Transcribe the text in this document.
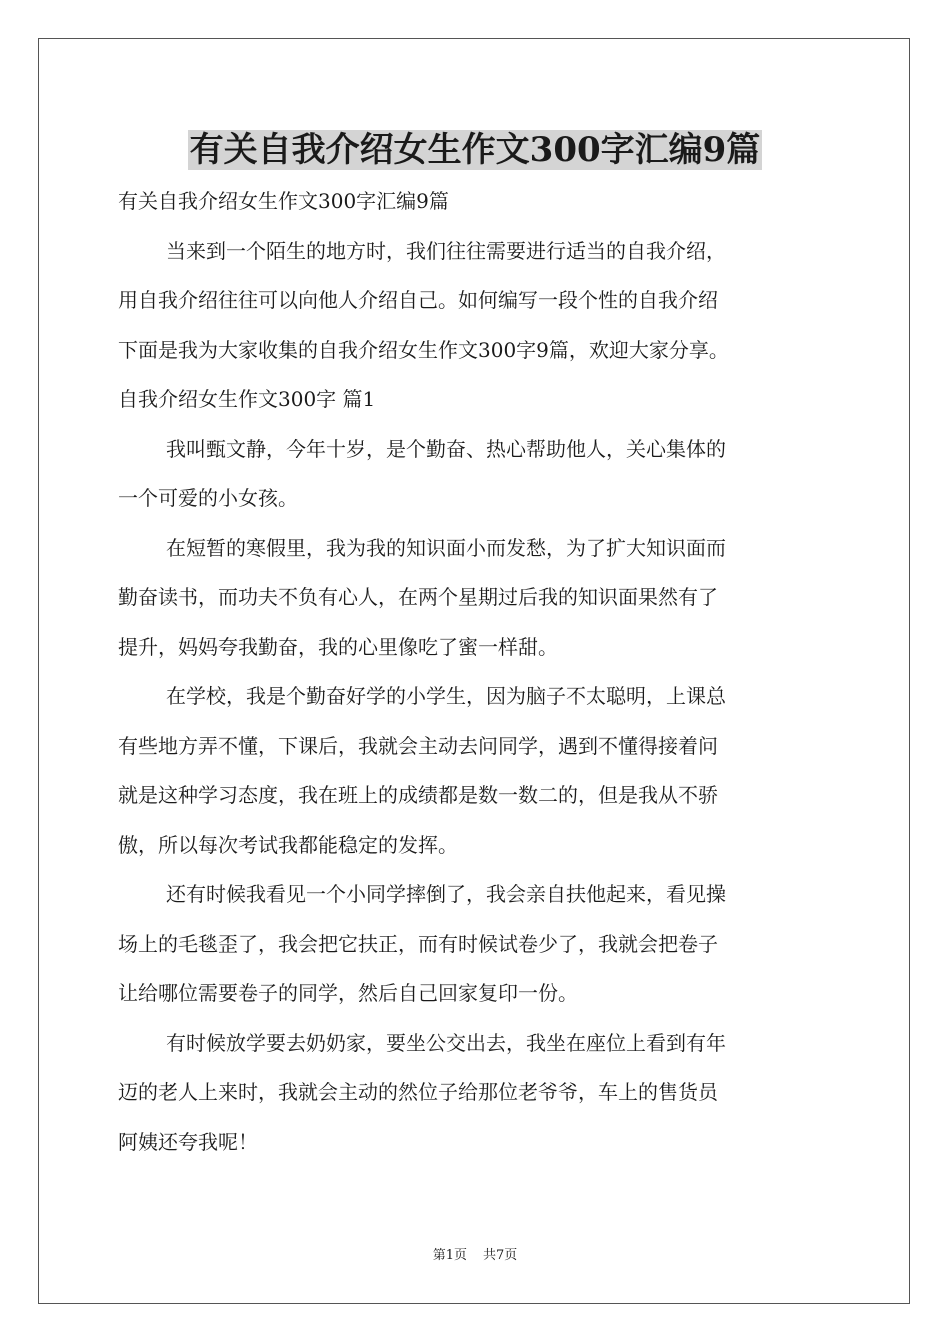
有关自我介绍女生作文300字汇编9篇

有关自我介绍女生作文300字汇编9篇

当来到一个陌生的地方时，我们往往需要进行适当的自我介绍，

用自我介绍往往可以向他人介绍自己。如何编写一段个性的自我介绍

下面是我为大家收集的自我介绍女生作文300字9篇，欢迎大家分享。

自我介绍女生作文300字 篇1

我叫甄文静，今年十岁，是个勤奋、热心帮助他人，关心集体的

一个可爱的小女孩。

在短暂的寒假里，我为我的知识面小而发愁，为了扩大知识面而

勤奋读书，而功夫不负有心人，在两个星期过后我的知识面果然有了

提升，妈妈夸我勤奋，我的心里像吃了蜜一样甜。

在学校，我是个勤奋好学的小学生，因为脑子不太聪明，上课总

有些地方弄不懂，下课后，我就会主动去问同学，遇到不懂得接着问

就是这种学习态度，我在班上的成绩都是数一数二的，但是我从不骄

傲，所以每次考试我都能稳定的发挥。

还有时候我看见一个小同学摔倒了，我会亲自扶他起来，看见操

场上的毛毯歪了，我会把它扶正，而有时候试卷少了，我就会把卷子

让给哪位需要卷子的同学，然后自己回家复印一份。

有时候放学要去奶奶家，要坐公交出去，我坐在座位上看到有年

迈的老人上来时，我就会主动的然位子给那位老爷爷，车上的售货员

阿姨还夸我呢！

第1页 共7页
